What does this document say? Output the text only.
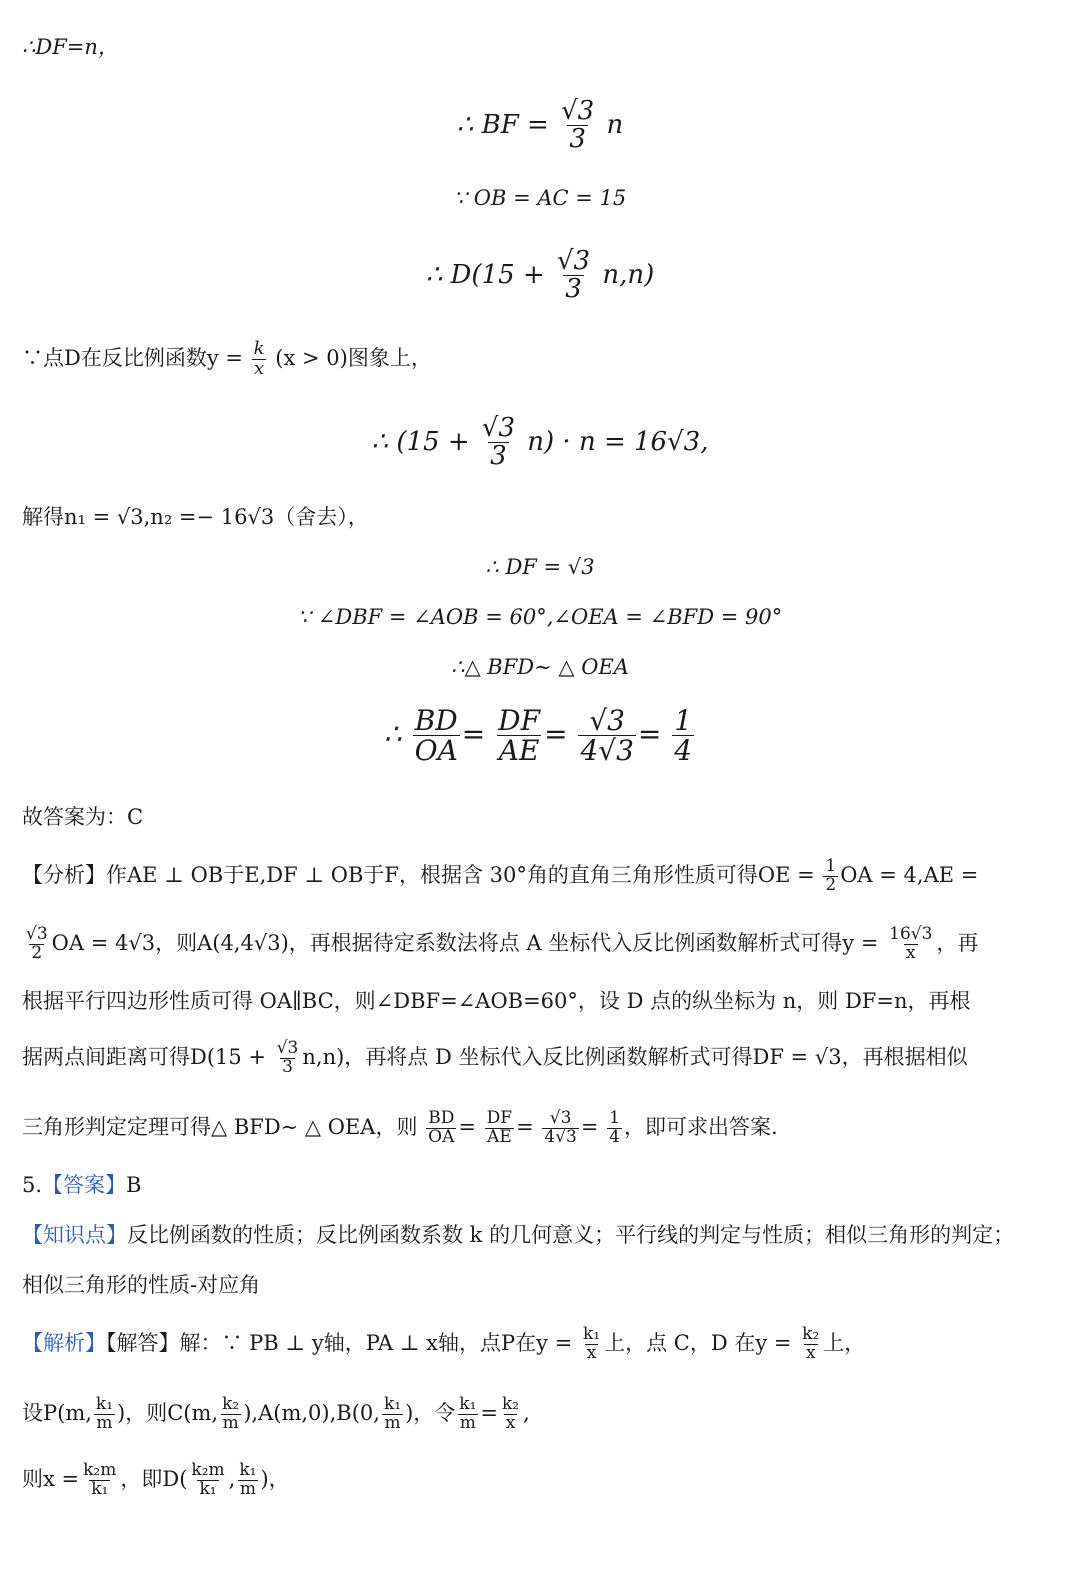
∴DF=n，
∴ BF = $\frac{√3}{3}$ n
∵ OB = AC = 15
∴ $D(15 + \frac{√3}{3} n,n)$
∵点D在反比例函数$y = \frac{k}{x} (x > 0)$图象上，
∴ $(15 + \frac{√3}{3} n) \cdot n = 16√3$,
解得n₁ = √3,n₂ =− 16√3（舍去），
∴ DF = √3
∵ ∠DBF = ∠AOB = 60°,∠OEA = ∠BFD = 90°
∴△ BFD∼ △ OEA
∴ $\frac{BD}{OA} = \frac{DF}{AE} = \frac{√3}{4√3} = \frac{1}{4}$
故答案为：C
【分析】作AE ⊥ OB于E,DF ⊥ OB于F，根据含 30°角的直角三角形性质可得OE = $\frac{1}{2}$ OA = 4,AE =
$\frac{√3}{2}$ OA = 4√3，则A(4,4√3)，再根据待定系数法将点 A 坐标代入反比例函数解析式可得$y = \frac{16√3}{x}$ ，再
根据平行四边形性质可得 OA∥BC，则∠DBF=∠AOB=60°，设 D 点的纵坐标为 n，则 DF=n，再根
据两点间距离可得$D(15 + \frac{√3}{3} n,n)$，再将点 D 坐标代入反比例函数解析式可得DF = √3，再根据相似
三角形判定定理可得△ BFD∼ △ OEA，则 $\frac{BD}{OA} = \frac{DF}{AE} = \frac{√3}{4√3} = \frac{1}{4}$ ，即可求出答案.
5.【答案】B
【知识点】反比例函数的性质；反比例函数系数 k 的几何意义；平行线的判定与性质；相似三角形的判定；
相似三角形的性质-对应角
【解析】【解答】解：∵ PB ⊥ y轴，PA ⊥ x轴，点P在$y = \frac{\text{k₁}}{x}$ 上，点 C，D 在$y = \frac{\text{k₂}}{x}$ 上，
设P(m, $\frac{\text{k₁}}{m}$ )，则C(m, $\frac{\text{k₂}}{m} ),A(m,0),B(0$, $\frac{\text{k₁}}{m}$ )，令 $\frac{\text{k₁}}{m} = \frac{\text{k₂}}{x}$ ,
则$x = \frac{\text{k₂m}}{\text{k₁}}$ ，即$D( \frac{\text{k₂m}}{\text{k₁}}$ , $\frac{\text{k₁}}{m}$ )，
